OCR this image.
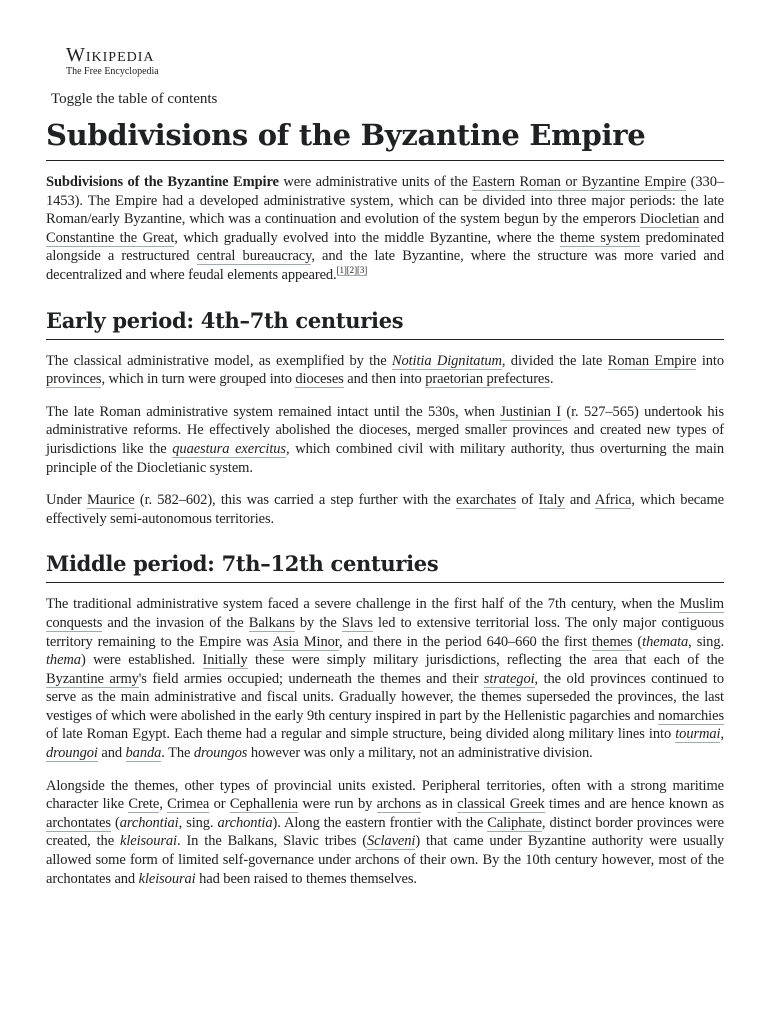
Wikipedia
The Free Encyclopedia
Toggle the table of contents
Subdivisions of the Byzantine Empire

Subdivisions of the Byzantine Empire were administrative units of the Eastern Roman or Byzantine Empire (330–1453). The Empire had a developed administrative system, which can be divided into three major periods: the late Roman/early Byzantine, which was a continuation and evolution of the system begun by the emperors Diocletian and Constantine the Great, which gradually evolved into the middle Byzantine, where the theme system predominated alongside a restructured central bureaucracy, and the late Byzantine, where the structure was more varied and decentralized and where feudal elements appeared.[1][2][3]

Early period: 4th–7th centuries

The classical administrative model, as exemplified by the Notitia Dignitatum, divided the late Roman Empire into provinces, which in turn were grouped into dioceses and then into praetorian prefectures.

The late Roman administrative system remained intact until the 530s, when Justinian I (r. 527–565) undertook his administrative reforms. He effectively abolished the dioceses, merged smaller provinces and created new types of jurisdictions like the quaestura exercitus, which combined civil with military authority, thus overturning the main principle of the Diocletianic system.

Under Maurice (r. 582–602), this was carried a step further with the exarchates of Italy and Africa, which became effectively semi-autonomous territories.

Middle period: 7th–12th centuries

The traditional administrative system faced a severe challenge in the first half of the 7th century, when the Muslim conquests and the invasion of the Balkans by the Slavs led to extensive territorial loss. The only major contiguous territory remaining to the Empire was Asia Minor, and there in the period 640–660 the first themes (themata, sing. thema) were established. Initially these were simply military jurisdictions, reflecting the area that each of the Byzantine army's field armies occupied; underneath the themes and their strategoi, the old provinces continued to serve as the main administrative and fiscal units. Gradually however, the themes superseded the provinces, the last vestiges of which were abolished in the early 9th century inspired in part by the Hellenistic pagarchies and nomarchies of late Roman Egypt. Each theme had a regular and simple structure, being divided along military lines into tourmai, droungoi and banda. The droungos however was only a military, not an administrative division.

Alongside the themes, other types of provincial units existed. Peripheral territories, often with a strong maritime character like Crete, Crimea or Cephallenia were run by archons as in classical Greek times and are hence known as archontates (archontiai, sing. archontia). Along the eastern frontier with the Caliphate, distinct border provinces were created, the kleisourai. In the Balkans, Slavic tribes (Sclaveni) that came under Byzantine authority were usually allowed some form of limited self-governance under archons of their own. By the 10th century however, most of the archontates and kleisourai had been raised to themes themselves.
